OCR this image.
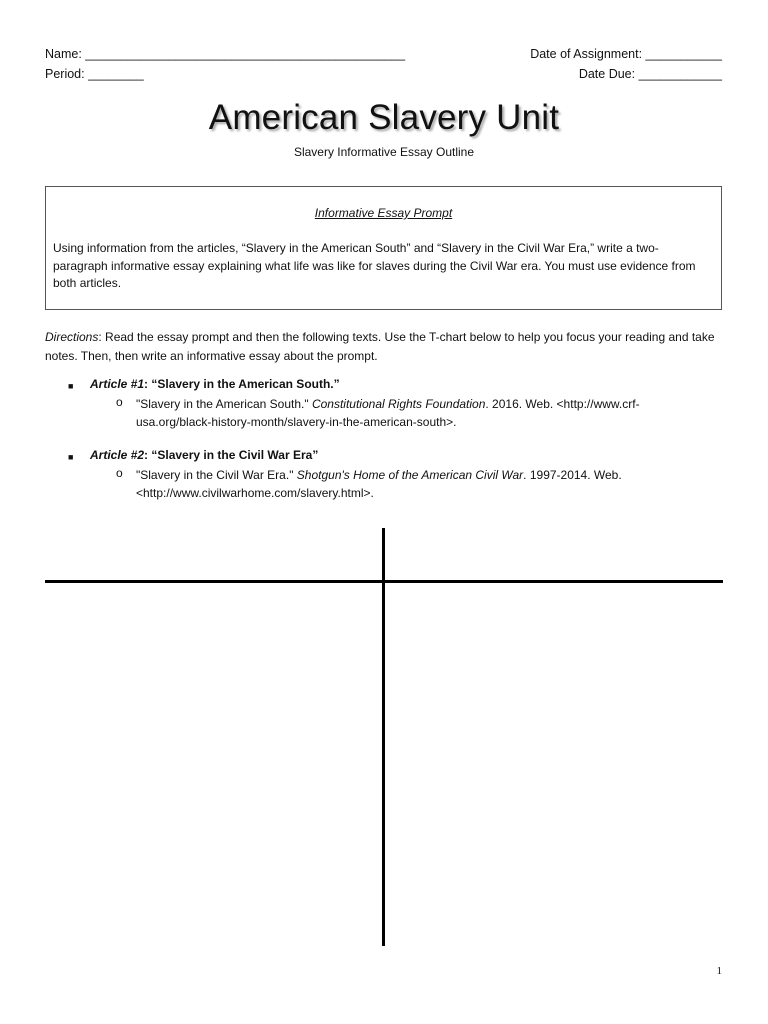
Name: ______________________________________________
Period: ________
Date of Assignment: ___________
Date Due: ____________
American Slavery Unit
Slavery Informative Essay Outline
Informative Essay Prompt
Using information from the articles, “Slavery in the American South” and “Slavery in the Civil War Era,” write a two-paragraph informative essay explaining what life was like for slaves during the Civil War era. You must use evidence from both articles.
Directions: Read the essay prompt and then the following texts. Use the T-chart below to help you focus your reading and take notes. Then, then write an informative essay about the prompt.
■ Article #1: “Slavery in the American South.”
o "Slavery in the American South." Constitutional Rights Foundation. 2016. Web. <http://www.crf-usa.org/black-history-month/slavery-in-the-american-south>.
■ Article #2: “Slavery in the Civil War Era”
o "Slavery in the Civil War Era." Shotgun's Home of the American Civil War. 1997-2014. Web. <http://www.civilwarhome.com/slavery.html>.
1
